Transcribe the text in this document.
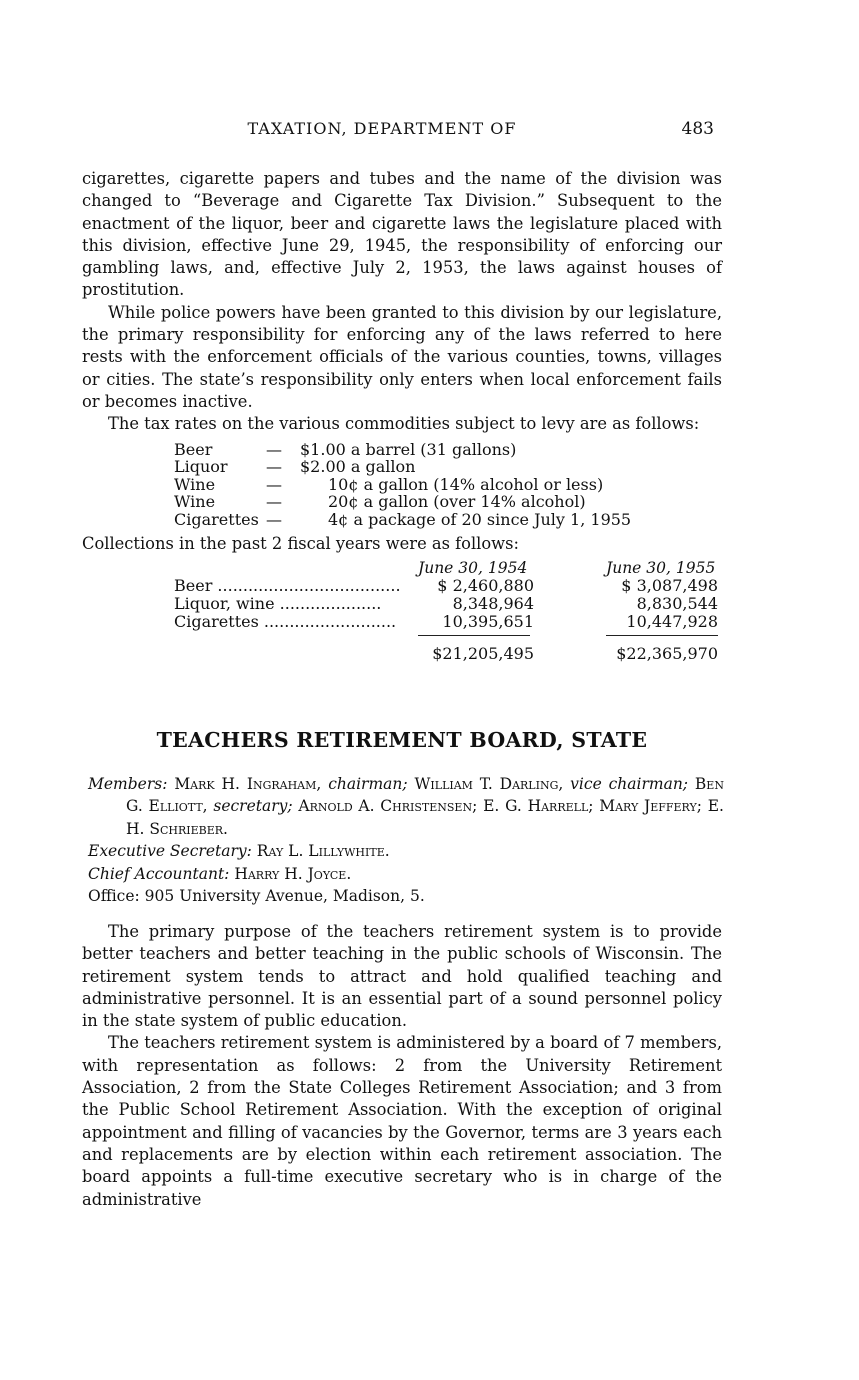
TAXATION, DEPARTMENT OF	483

cigarettes, cigarette papers and tubes and the name of the division was changed to “Beverage and Cigarette Tax Division.” Subsequent to the enactment of the liquor, beer and cigarette laws the legislature placed with this division, effective June 29, 1945, the responsibility of enforcing our gambling laws, and, effective July 2, 1953, the laws against houses of prostitution.

While police powers have been granted to this division by our legislature, the primary responsibility for enforcing any of the laws referred to here rests with the enforcement officials of the various counties, towns, villages or cities. The state’s responsibility only enters when local enforcement fails or becomes inactive.

The tax rates on the various commodities subject to levy are as follows:

Beer	—	$1.00 a barrel (31 gallons)
Liquor	—	$2.00 a gallon
Wine	—	10¢ a gallon (14% alcohol or less)
Wine	—	20¢ a gallon (over 14% alcohol)
Cigarettes —	4¢ a package of 20 since July 1, 1955

Collections in the past 2 fiscal years were as follows:

June 30, 1954	June 30, 1955
Beer .................................... $ 2,460,880	$ 3,087,498
Liquor, wine ....................	8,348,964	8,830,544
Cigarettes ..........................	10,395,651	10,447,928
$21,205,495	$22,365,970
TEACHERS RETIREMENT BOARD, STATE

Members: Mark H. Ingraham, chairman; William T. Darling, vice chairman; Ben G. Elliott, secretary; Arnold A. Christensen; E. G. Harrell; Mary Jeffery; E. H. Schrieber.

Executive Secretary: Ray L. Lillywhite.

Chief Accountant: Harry H. Joyce.

Office: 905 University Avenue, Madison, 5.

The primary purpose of the teachers retirement system is to provide better teachers and better teaching in the public schools of Wisconsin. The retirement system tends to attract and hold qualified teaching and administrative personnel. It is an essential part of a sound personnel policy in the state system of public education.

The teachers retirement system is administered by a board of 7 members, with representation as follows: 2 from the University Retirement Association, 2 from the State Colleges Retirement Association; and 3 from the Public School Retirement Association. With the exception of original appointment and filling of vacancies by the Governor, terms are 3 years each and replacements are by election within each retirement association. The board appoints a full-time executive secretary who is in charge of the administrative
